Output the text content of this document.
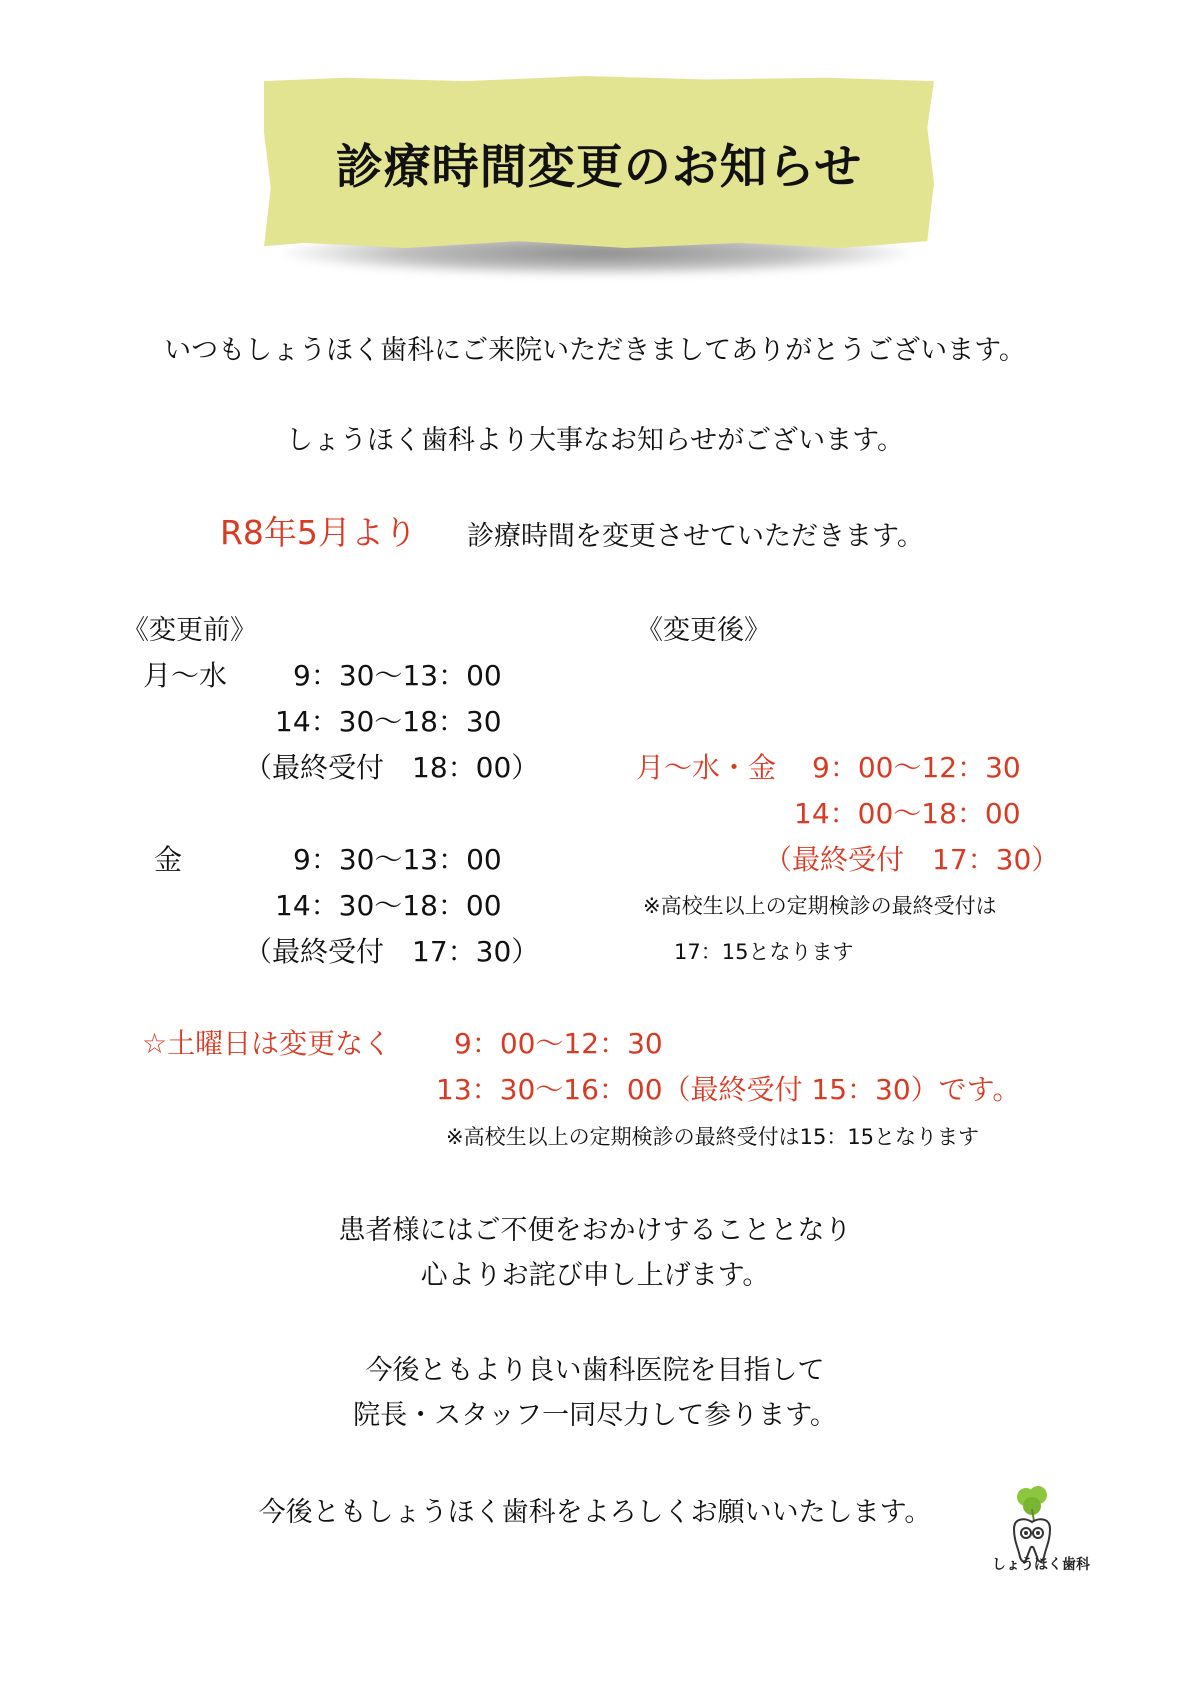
診療時間変更のお知らせ
いつもしょうほく歯科にご来院いただきましてありがとうございます。
しょうほく歯科より大事なお知らせがございます。
R8年5月より 診療時間を変更させていただきます。
《変更前》
月〜水 9：30〜13：00
14：30〜18：30
（最終受付　18：00）
金	9：30〜13：00
14：30〜18：00
（最終受付　17：30）
《変更後》
月〜水・金 9：00〜12：30
14：00〜18：00
（最終受付　17：30）
※高校生以上の定期検診の最終受付は
17：15となります
☆土曜日は変更なく 9：00〜12：30
13：30〜16：00（最終受付 15：30）です。
※高校生以上の定期検診の最終受付は15：15となります
患者様にはご不便をおかけすることとなり
心よりお詫び申し上げます。
今後ともより良い歯科医院を目指して
院長・スタッフ一同尽力して参ります。
今後ともしょうほく歯科をよろしくお願いいたします。
しょうほく歯科
